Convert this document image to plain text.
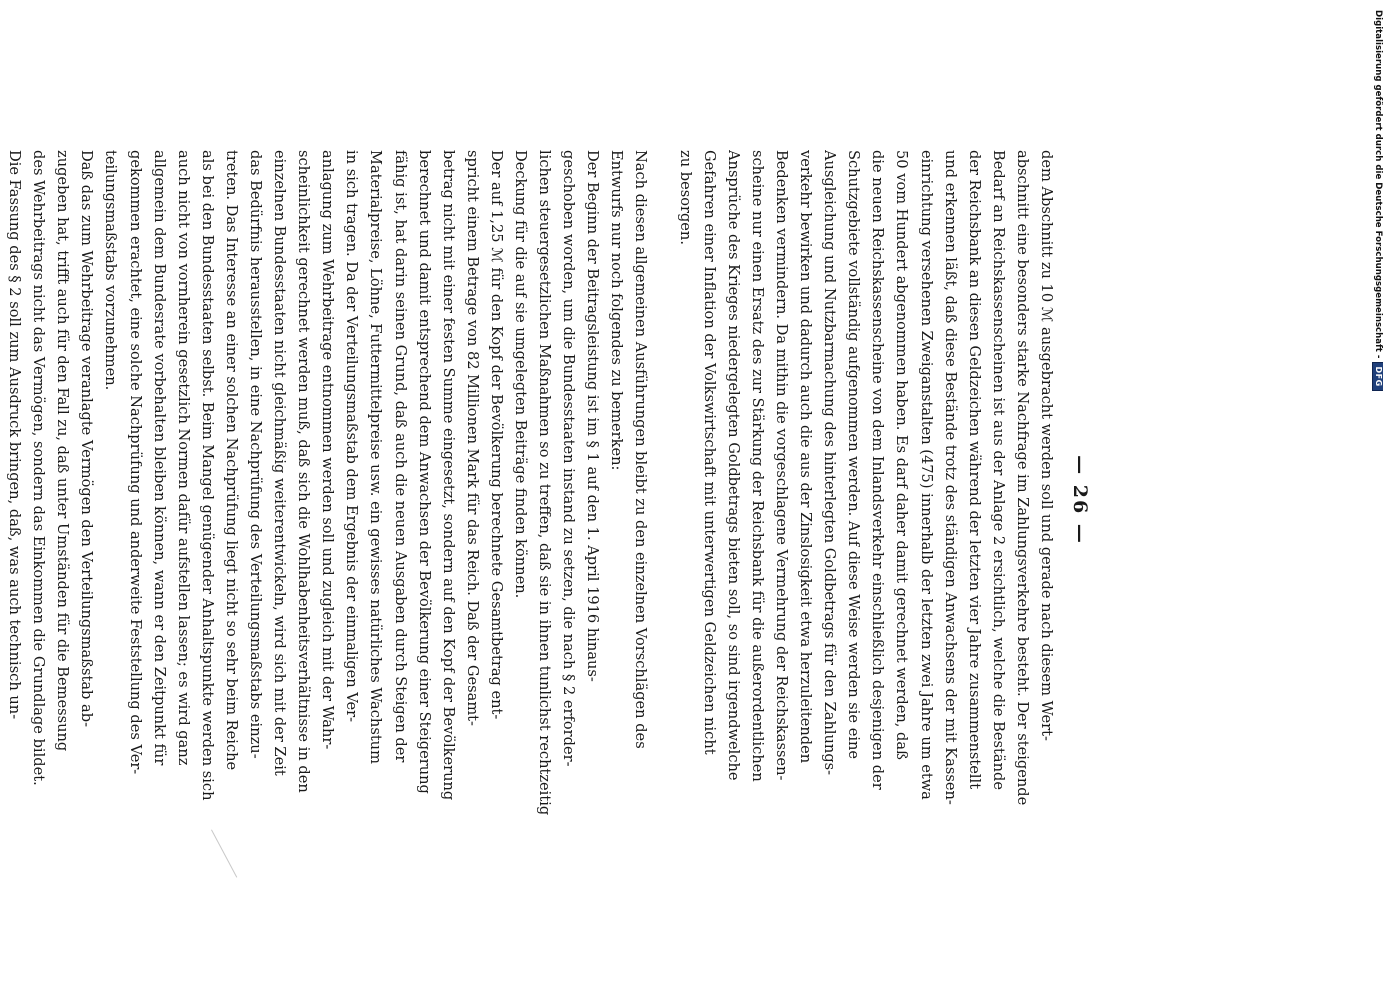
— 26 —
dem Abschnitt zu 10 ℳ ausgebracht werden soll und gerade nach diesem Wert-
abschnitt eine besonders starke Nachfrage im Zahlungsverkehre besteht. Der steigende
Bedarf an Reichskassenscheinen ist aus der Anlage 2 ersichtlich, welche die Bestände
der Reichsbank an diesen Geldzeichen während der letzten vier Jahre zusammenstellt
und erkennen läßt, daß diese Bestände trotz des ständigen Anwachsens der mit Kassen-
einrichtung versehenen Zweiganstalten (475) innerhalb der letzten zwei Jahre um etwa
50 vom Hundert abgenommen haben. Es darf daher damit gerechnet werden, daß
die neuen Reichskassenscheine von dem Inlandsverkehr einschließlich desjenigen der
Schutzgebiete vollständig aufgenommen werden. Auf diese Weise werden sie eine
Ausgleichung und Nutzbarmachung des hinterlegten Goldbetrags für den Zahlungs-
verkehr bewirken und dadurch auch die aus der Zinslosigkeit etwa herzuleitenden
Bedenken vermindern. Da mithin die vorgeschlagene Vermehrung der Reichskassen-
scheine nur einen Ersatz des zur Stärkung der Reichsbank für die außerordentlichen
Ansprüche des Krieges niedergelegten Goldbetrags bieten soll, so sind irgendwelche
Gefahren einer Inflation der Volkswirtschaft mit unterwertigen Geldzeichen nicht
zu besorgen.
Nach diesen allgemeinen Ausführungen bleibt zu den einzelnen Vorschlägen des
Entwurfs nur noch folgendes zu bemerken:
Der Beginn der Beitragsleistung ist im § 1 auf den 1. April 1916 hinaus-
geschoben worden, um die Bundesstaaten instand zu setzen, die nach § 2 erforder-
lichen steuergesetzlichen Maßnahmen so zu treffen, daß sie in ihnen tunlichst rechtzeitig
Deckung für die auf sie umgelegten Beiträge finden können.
Der auf 1,25 ℳ für den Kopf der Bevölkerung berechnete Gesamtbetrag ent-
spricht einem Betrage von 82 Millionen Mark für das Reich. Daß der Gesamt-
betrag nicht mit einer festen Summe eingesetzt, sondern auf den Kopf der Bevölkerung
berechnet und damit entsprechend dem Anwachsen der Bevölkerung einer Steigerung
fähig ist, hat darin seinen Grund, daß auch die neuen Ausgaben durch Steigen der
Materialpreise, Löhne, Futtermittelpreise usw. ein gewisses natürliches Wachstum
in sich tragen. Da der Verteilungsmaßstab dem Ergebnis der einmaligen Ver-
anlagung zum Wehrbeitrage entnommen werden soll und zugleich mit der Wahr-
scheinlichkeit gerechnet werden muß, daß sich die Wohlhabenheitsverhältnisse in den
einzelnen Bundesstaaten nicht gleichmäßig weiterentwickeln, wird sich mit der Zeit
das Bedürfnis herausstellen, in eine Nachprüfung des Verteilungsmaßstabs einzu-
treten. Das Interesse an einer solchen Nachprüfung liegt nicht so sehr beim Reiche
als bei den Bundesstaaten selbst. Beim Mangel genügender Anhaltspunkte werden sich
auch nicht von vornherein gesetzlich Normen dafür aufstellen lassen; es wird ganz
allgemein dem Bundesrate vorbehalten bleiben können, wann er den Zeitpunkt für
gekommen erachtet, eine solche Nachprüfung und anderweite Feststellung des Ver-
teilungsmaßstabs vorzunehmen.
Daß das zum Wehrbeitrage veranlagte Vermögen den Verteilungsmaßstab ab-
zugeben hat, trifft auch für den Fall zu, daß unter Umständen für die Bemessung
des Wehrbeitrags nicht das Vermögen, sondern das Einkommen die Grundlage bildet.
Die Fassung des § 2 soll zum Ausdruck bringen, daß, was auch technisch un-	Digitalisierung gefördert durch die Deutsche Forschungsgemeinschaft -
DFG
